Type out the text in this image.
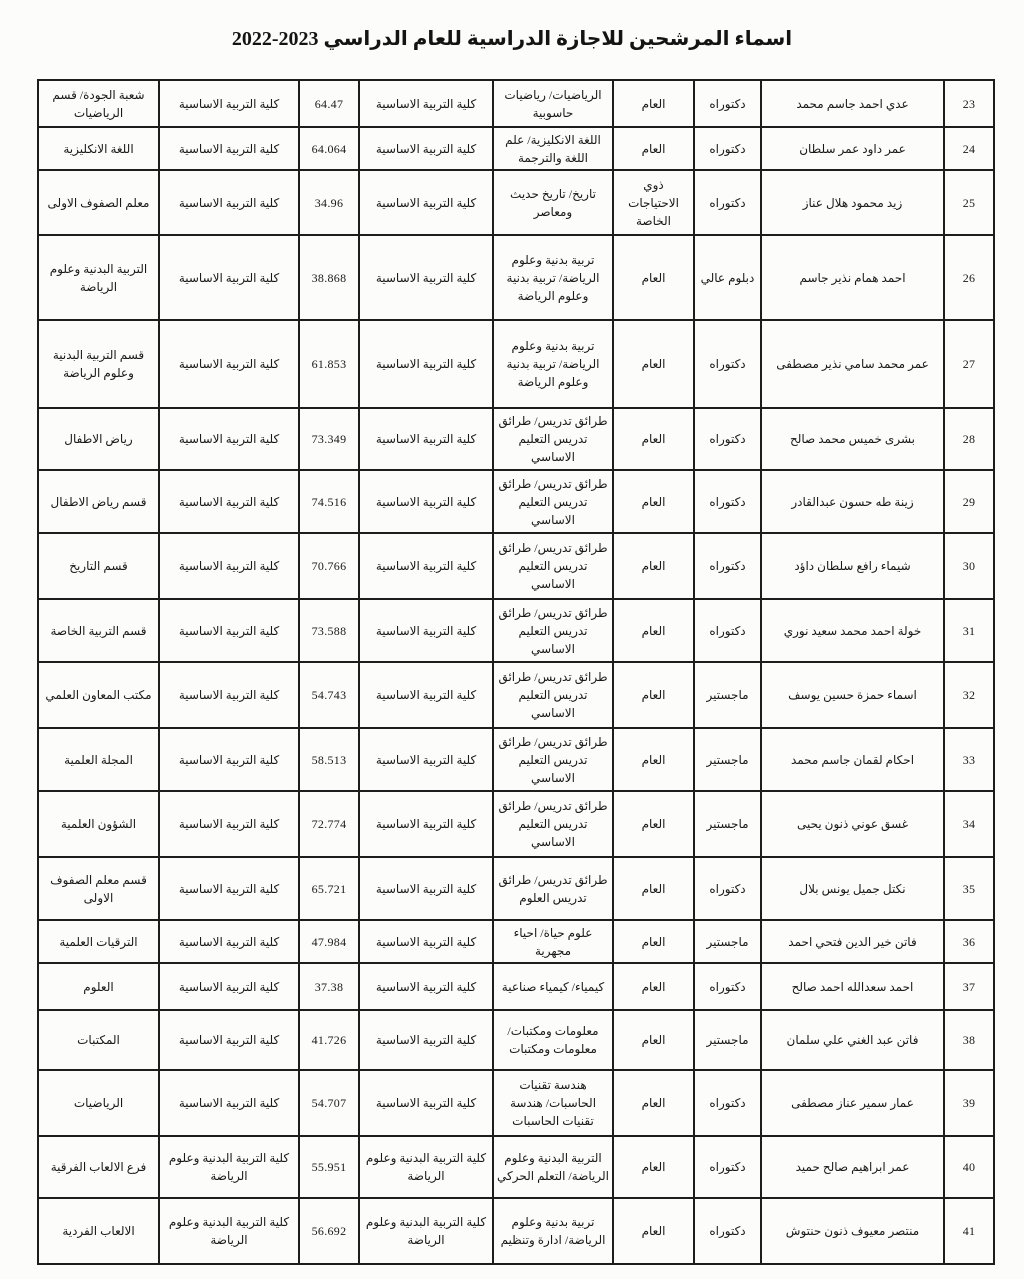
اسماء المرشحين للاجازة الدراسية للعام الدراسي 2023-2022
23	عدي احمد جاسم محمد	دكتوراه	العام	الرياضيات/ رياضيات حاسوبية	كلية التربية الاساسية	64.47	كلية التربية الاساسية	شعبة الجودة/ قسم الرياضيات
24	عمر داود عمر سلطان	دكتوراه	العام	اللغة الانكليزية/ علم اللغة والترجمة	كلية التربية الاساسية	64.064	كلية التربية الاساسية	اللغة الانكليزية
25	زيد محمود هلال عناز	دكتوراه	ذوي الاحتياجات الخاصة	تاريخ/ تاريخ حديث ومعاصر	كلية التربية الاساسية	34.96	كلية التربية الاساسية	معلم الصفوف الاولى
26	احمد همام نذير جاسم	دبلوم عالي	العام	تربية بدنية وعلوم الرياضة/ تربية بدنية وعلوم الرياضة	كلية التربية الاساسية	38.868	كلية التربية الاساسية	التربية البدنية وعلوم الرياضة
27	عمر محمد سامي نذير مصطفى	دكتوراه	العام	تربية بدنية وعلوم الرياضة/ تربية بدنية وعلوم الرياضة	كلية التربية الاساسية	61.853	كلية التربية الاساسية	قسم التربية البدنية وعلوم الرياضة
28	بشرى خميس محمد صالح	دكتوراه	العام	طرائق تدريس/ طرائق تدريس التعليم الاساسي	كلية التربية الاساسية	73.349	كلية التربية الاساسية	رياض الاطفال
29	زينة طه حسون عبدالقادر	دكتوراه	العام	طرائق تدريس/ طرائق تدريس التعليم الاساسي	كلية التربية الاساسية	74.516	كلية التربية الاساسية	قسم رياض الاطفال
30	شيماء رافع سلطان داؤد	دكتوراه	العام	طرائق تدريس/ طرائق تدريس التعليم الاساسي	كلية التربية الاساسية	70.766	كلية التربية الاساسية	قسم التاريخ
31	خولة احمد محمد سعيد نوري	دكتوراه	العام	طرائق تدريس/ طرائق تدريس التعليم الاساسي	كلية التربية الاساسية	73.588	كلية التربية الاساسية	قسم التربية الخاصة
32	اسماء حمزة حسين يوسف	ماجستير	العام	طرائق تدريس/ طرائق تدريس التعليم الاساسي	كلية التربية الاساسية	54.743	كلية التربية الاساسية	مكتب المعاون العلمي
33	احكام لقمان جاسم محمد	ماجستير	العام	طرائق تدريس/ طرائق تدريس التعليم الاساسي	كلية التربية الاساسية	58.513	كلية التربية الاساسية	المجلة العلمية
34	غسق عوني ذنون يحيى	ماجستير	العام	طرائق تدريس/ طرائق تدريس التعليم الاساسي	كلية التربية الاساسية	72.774	كلية التربية الاساسية	الشؤون العلمية
35	نكتل جميل يونس بلال	دكتوراه	العام	طرائق تدريس/ طرائق تدريس العلوم	كلية التربية الاساسية	65.721	كلية التربية الاساسية	قسم معلم الصفوف الاولى
36	فاتن خير الدين فتحي احمد	ماجستير	العام	علوم حياة/ احياء مجهرية	كلية التربية الاساسية	47.984	كلية التربية الاساسية	الترقيات العلمية
37	احمد سعدالله احمد صالح	دكتوراه	العام	كيمياء/ كيمياء صناعية	كلية التربية الاساسية	37.38	كلية التربية الاساسية	العلوم
38	فاتن عبد الغني علي سلمان	ماجستير	العام	معلومات ومكتبات/ معلومات ومكتبات	كلية التربية الاساسية	41.726	كلية التربية الاساسية	المكتبات
39	عمار سمير عناز مصطفى	دكتوراه	العام	هندسة تقنيات الحاسبات/ هندسة تقنيات الحاسبات	كلية التربية الاساسية	54.707	كلية التربية الاساسية	الرياضيات
40	عمر ابراهيم صالح حميد	دكتوراه	العام	التربية البدنية وعلوم الرياضة/ التعلم الحركي	كلية التربية البدنية وعلوم الرياضة	55.951	كلية التربية البدنية وعلوم الرياضة	فرع الالعاب الفرقية
41	منتصر معيوف ذنون حنتوش	دكتوراه	العام	تربية بدنية وعلوم الرياضة/ ادارة وتنظيم	كلية التربية البدنية وعلوم الرياضة	56.692	كلية التربية البدنية وعلوم الرياضة	الالعاب الفردية
